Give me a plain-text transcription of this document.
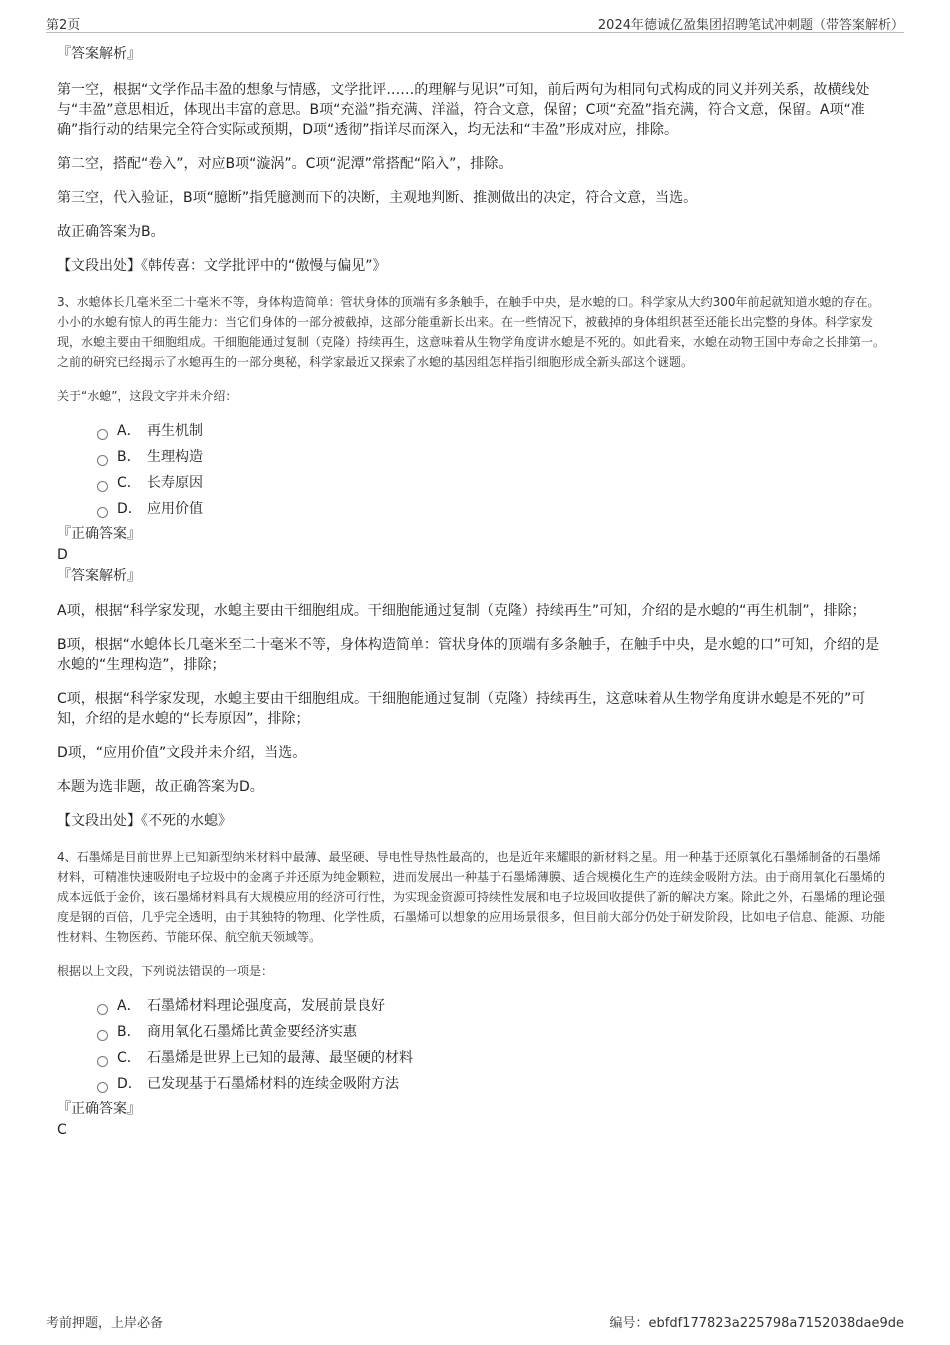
第2页	2024年德诚亿盈集团招聘笔试冲刺题（带答案解析）

『答案解析』

第一空，根据“文学作品丰盈的想象与情感，文学批评……的理解与见识”可知，前后两句为相同句式构成的同义并列关系，故横线处与“丰盈”意思相近，体现出丰富的意思。B项“充溢”指充满、洋溢，符合文意，保留；C项“充盈”指充满，符合文意，保留。A项“准确”指行动的结果完全符合实际或预期，D项“透彻”指详尽而深入，均无法和“丰盈”形成对应，排除。

第二空，搭配“卷入”，对应B项“漩涡”。C项“泥潭”常搭配“陷入”，排除。

第三空，代入验证，B项“臆断”指凭臆测而下的决断，主观地判断、推测做出的决定，符合文意，当选。

故正确答案为B。

【文段出处】《韩传喜：文学批评中的“傲慢与偏见”》

3、水螅体长几毫米至二十毫米不等，身体构造简单：管状身体的顶端有多条触手，在触手中央，是水螅的口。科学家从大约300年前起就知道水螅的存在。小小的水螅有惊人的再生能力：当它们身体的一部分被截掉，这部分能重新长出来。在一些情况下，被截掉的身体组织甚至还能长出完整的身体。科学家发现，水螅主要由干细胞组成。干细胞能通过复制（克隆）持续再生，这意味着从生物学角度讲水螅是不死的。如此看来，水螅在动物王国中寿命之长排第一。之前的研究已经揭示了水螅再生的一部分奥秘，科学家最近又探索了水螅的基因组怎样指引细胞形成全新头部这个谜题。

关于“水螅”，这段文字并未介绍：

A． 再生机制
B． 生理构造
C． 长寿原因
D． 应用价值

『正确答案』

D

『答案解析』

A项，根据“科学家发现，水螅主要由干细胞组成。干细胞能通过复制（克隆）持续再生”可知，介绍的是水螅的“再生机制”，排除；

B项，根据“水螅体长几毫米至二十毫米不等，身体构造简单：管状身体的顶端有多条触手，在触手中央，是水螅的口”可知，介绍的是水螅的“生理构造”，排除；

C项，根据“科学家发现，水螅主要由干细胞组成。干细胞能通过复制（克隆）持续再生，这意味着从生物学角度讲水螅是不死的”可知，介绍的是水螅的“长寿原因”，排除；

D项，“应用价值”文段并未介绍，当选。

本题为选非题，故正确答案为D。

【文段出处】《不死的水螅》

4、石墨烯是目前世界上已知新型纳米材料中最薄、最坚硬、导电性导热性最高的，也是近年来耀眼的新材料之星。用一种基于还原氧化石墨烯制备的石墨烯材料，可精准快速吸附电子垃圾中的金离子并还原为纯金颗粒，进而发展出一种基于石墨烯薄膜、适合规模化生产的连续金吸附方法。由于商用氧化石墨烯的成本远低于金价，该石墨烯材料具有大规模应用的经济可行性，为实现金资源可持续性发展和电子垃圾回收提供了新的解决方案。除此之外，石墨烯的理论强度是钢的百倍，几乎完全透明，由于其独特的物理、化学性质，石墨烯可以想象的应用场景很多，但目前大部分仍处于研发阶段，比如电子信息、能源、功能性材料、生物医药、节能环保、航空航天领域等。

根据以上文段，下列说法错误的一项是：

A． 石墨烯材料理论强度高，发展前景良好
B． 商用氧化石墨烯比黄金要经济实惠
C． 石墨烯是世界上已知的最薄、最坚硬的材料
D． 已发现基于石墨烯材料的连续金吸附方法

『正确答案』

C

考前押题，上岸必备	编号：ebfdf177823a225798a7152038dae9de
